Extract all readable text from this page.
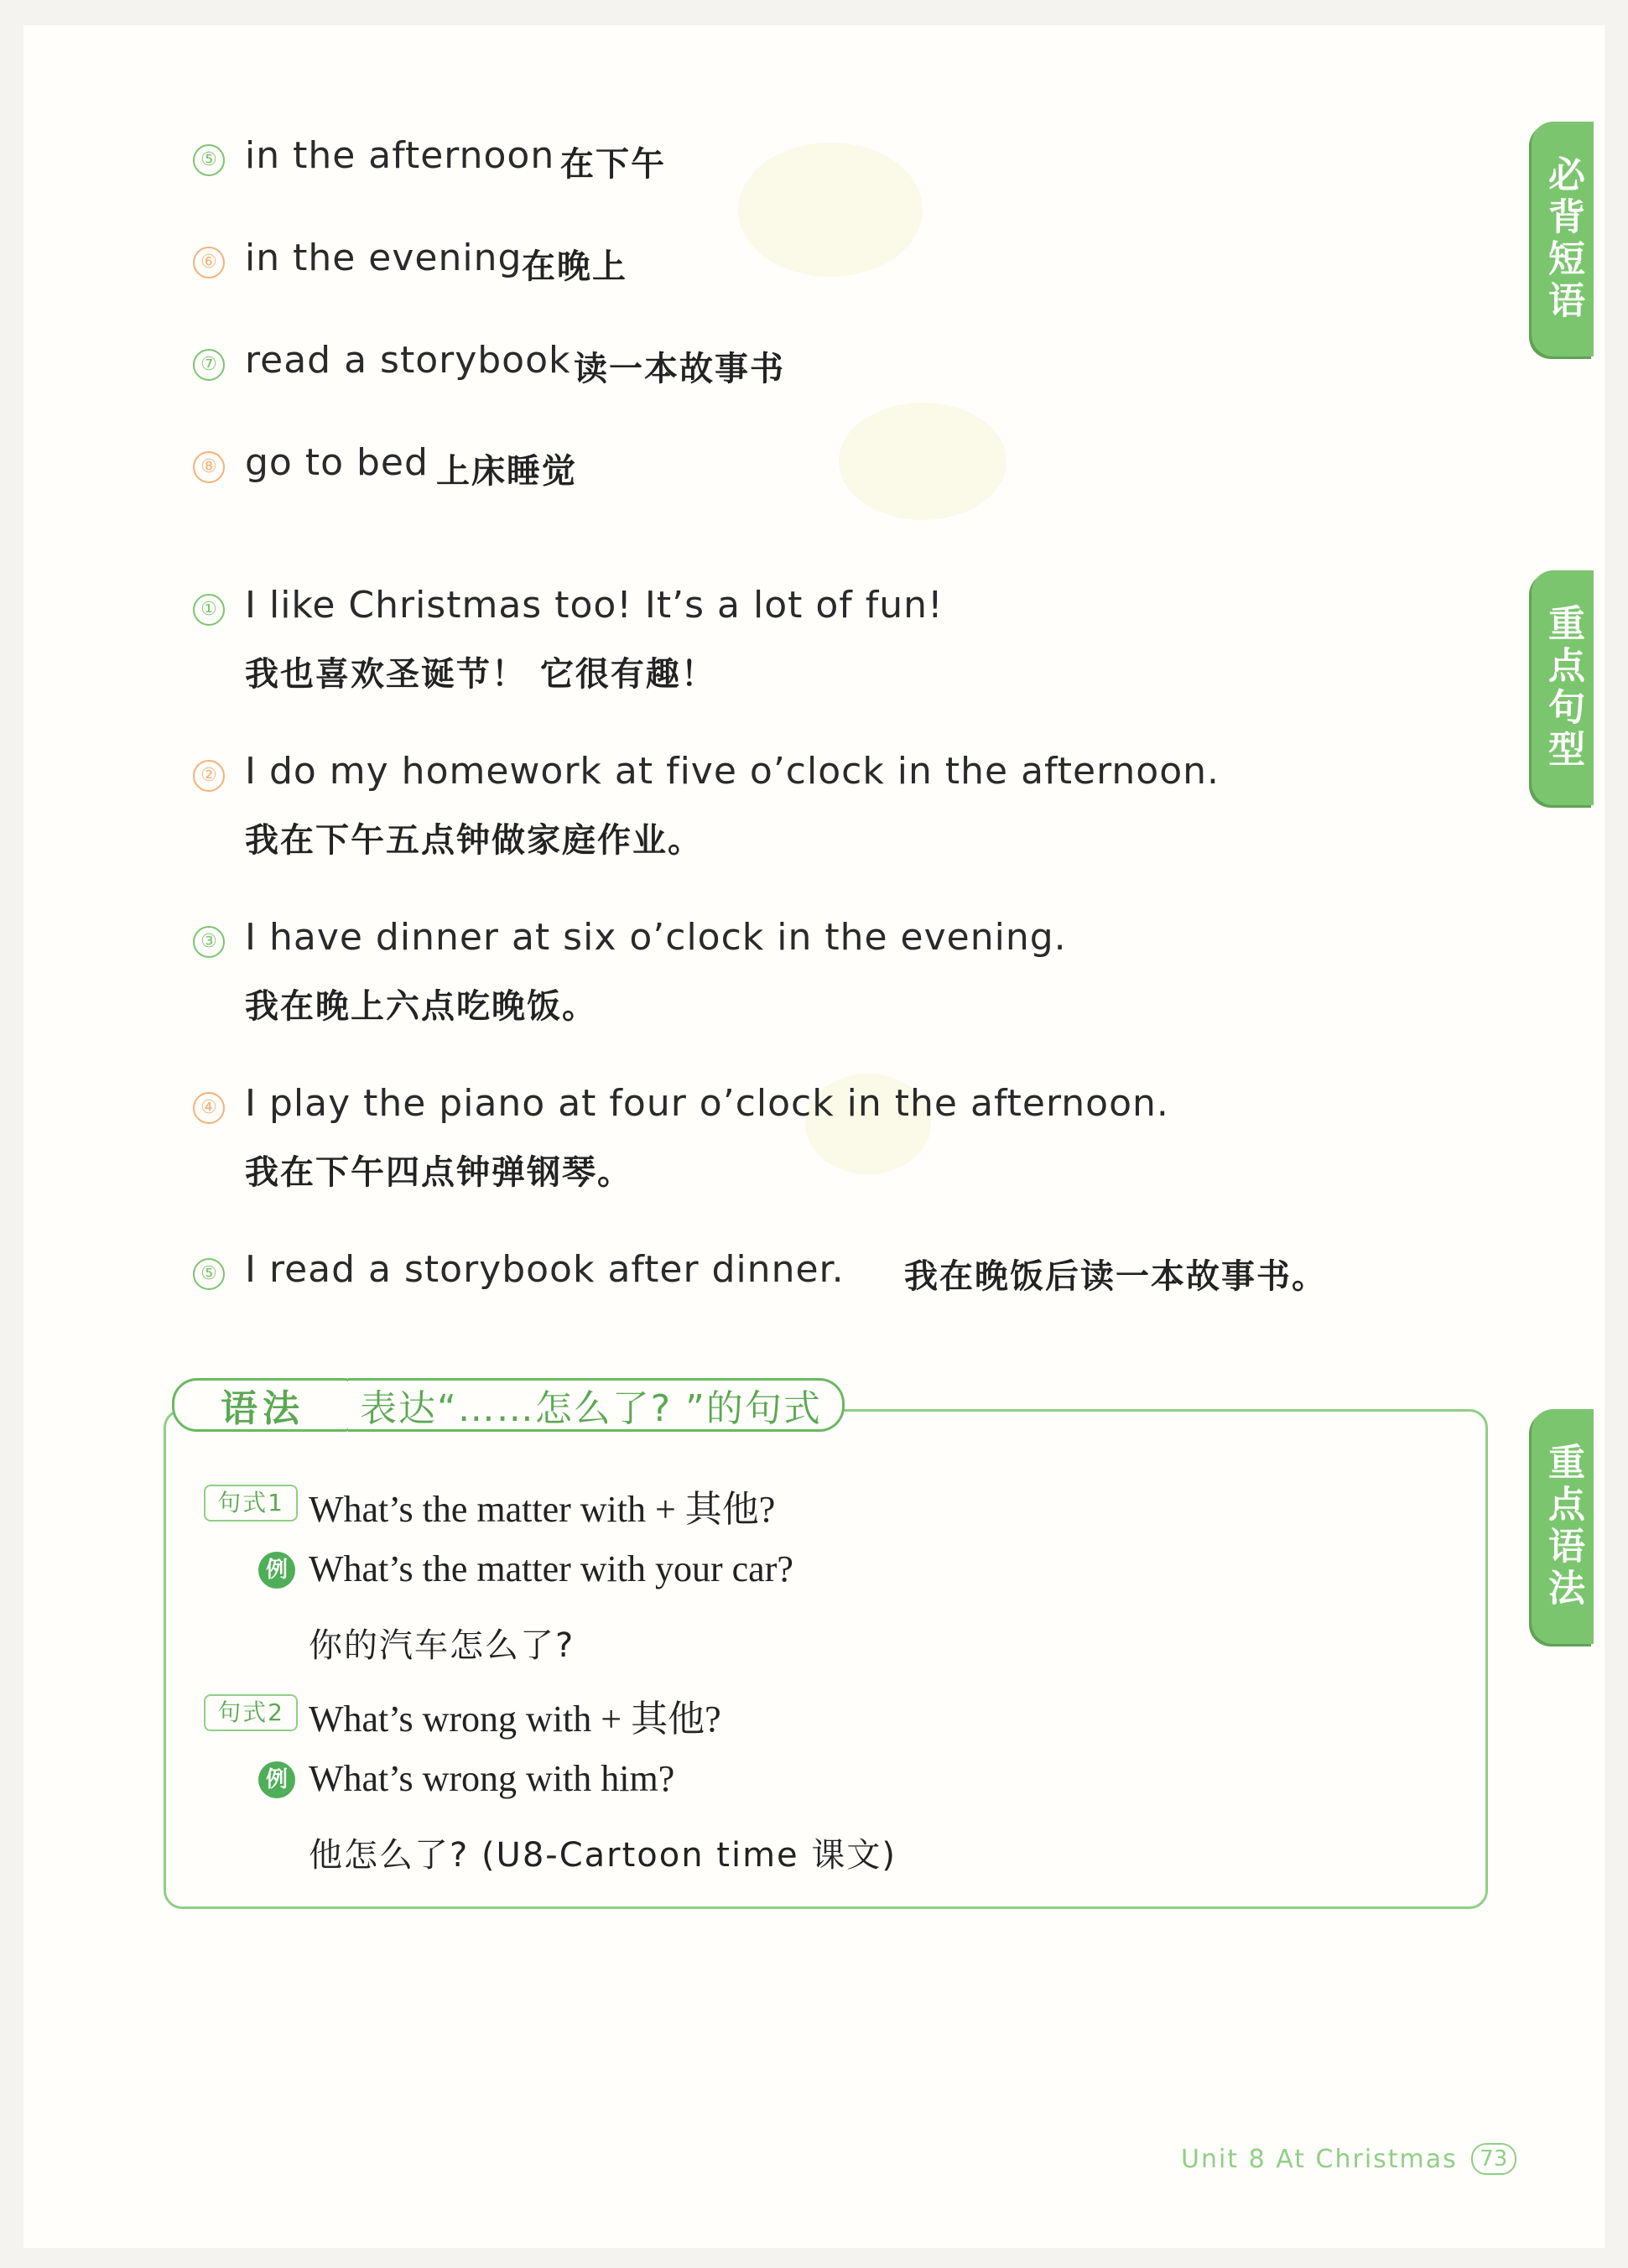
必背短语
重点句型
重点语法
⑤ in the afternoon 在下午
⑥ in the evening 在晚上
⑦ read a storybook 读一本故事书
⑧ go to bed 上床睡觉
① I like Christmas too! It’s a lot of fun!
我也喜欢圣诞节！ 它很有趣！
② I do my homework at five o’clock in the afternoon.
我在下午五点钟做家庭作业。
③ I have dinner at six o’clock in the evening.
我在晚上六点吃晚饭。
④ I play the piano at four o’clock in the afternoon.
我在下午四点钟弹钢琴。
⑤ I read a storybook after dinner. 我在晚饭后读一本故事书。
语法	表达“……怎么了? ”的句式
句式1 What’s the matter with + 其他?
例 What’s the matter with your car?
你的汽车怎么了?
句式2 What’s wrong with + 其他?
例 What’s wrong with him?
他怎么了? (U8-Cartoon time 课文)
Unit 8 At Christmas	73
